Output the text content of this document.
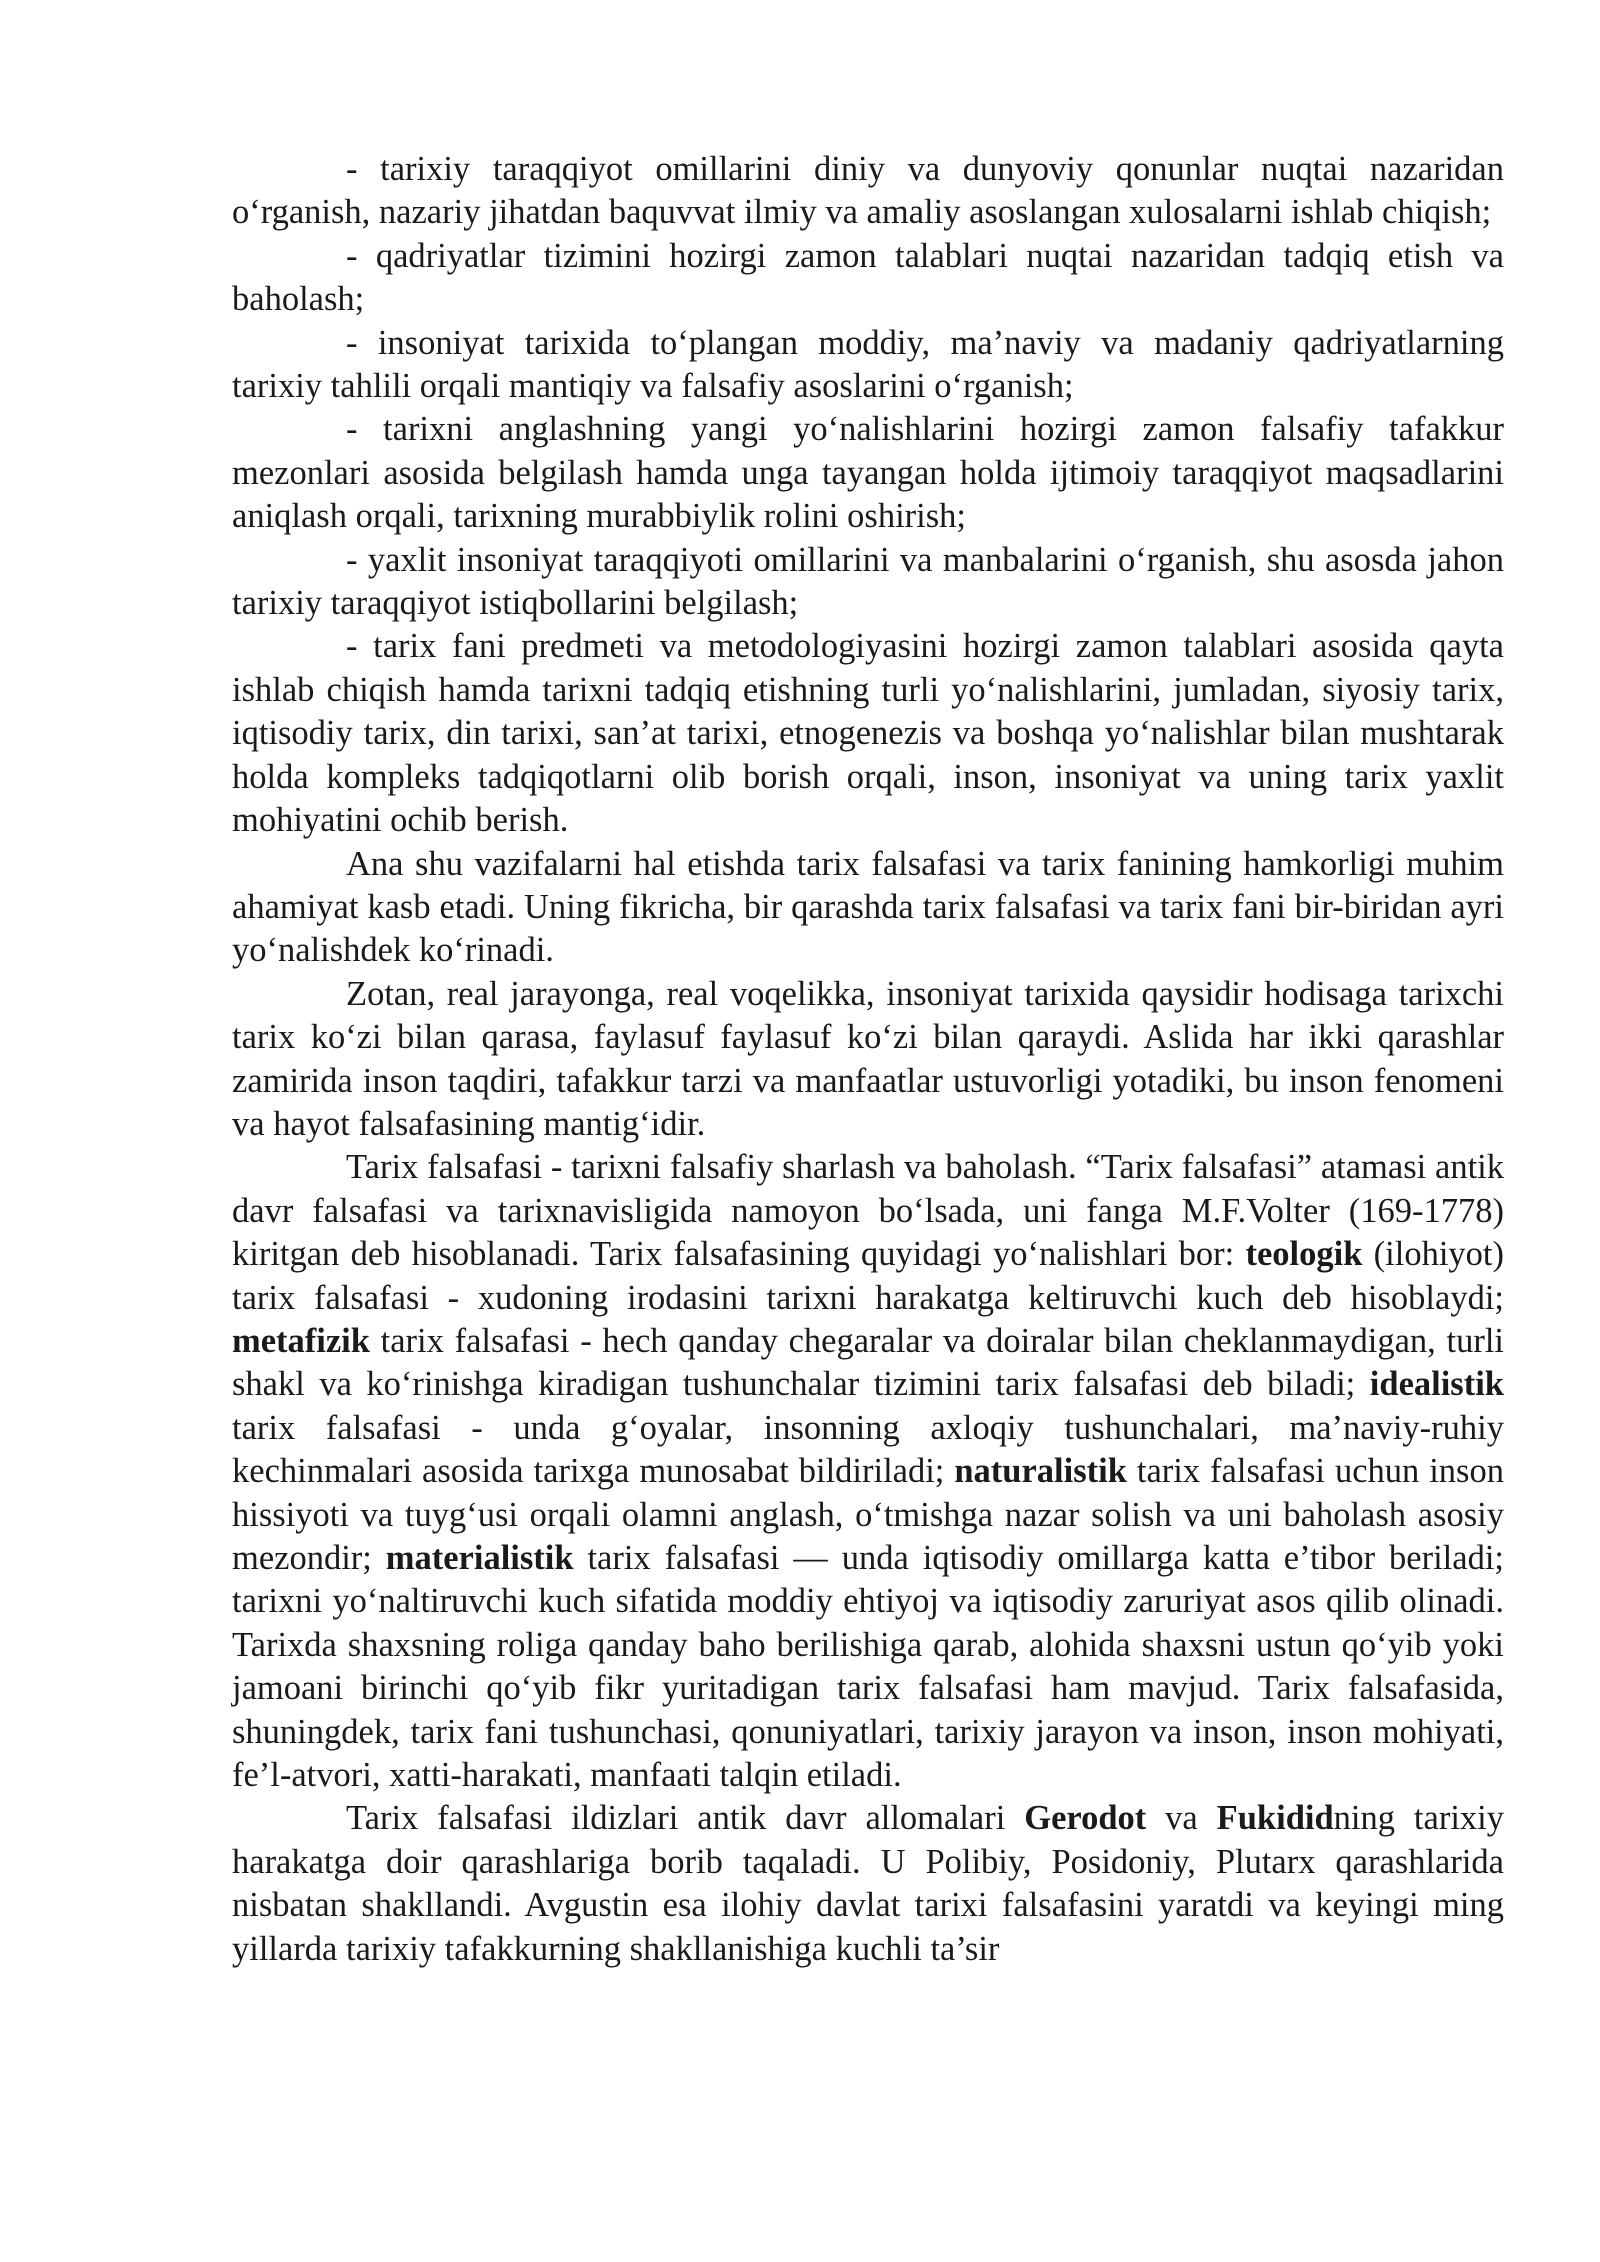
- tarixiy taraqqiyot omillarini diniy va dunyoviy qonunlar nuqtai nazaridan o‘rganish, nazariy jihatdan baquvvat ilmiy va amaliy asoslangan xulosalarni ishlab chiqish;

- qadriyatlar tizimini hozirgi zamon talablari nuqtai nazaridan tadqiq etish va baholash;

- insoniyat tarixida to‘plangan moddiy, ma’naviy va madaniy qadriyatlarning tarixiy tahlili orqali mantiqiy va falsafiy asoslarini o‘rganish;

- tarixni anglashning yangi yo‘nalishlarini hozirgi zamon falsafiy tafakkur mezonlari asosida belgilash hamda unga tayangan holda ijtimoiy taraqqiyot maqsadlarini aniqlash orqali, tarixning murabbiylik rolini oshirish;

- yaxlit insoniyat taraqqiyoti omillarini va manbalarini o‘rganish, shu asosda jahon tarixiy taraqqiyot istiqbollarini belgilash;

- tarix fani predmeti va metodologiyasini hozirgi zamon talablari asosida qayta ishlab chiqish hamda tarixni tadqiq etishning turli yo‘nalishlarini, jumladan, siyosiy tarix, iqtisodiy tarix, din tarixi, san’at tarixi, etnogenezis va boshqa yo‘nalishlar bilan mushtarak holda kompleks tadqiqotlarni olib borish orqali, inson, insoniyat va uning tarix yaxlit mohiyatini ochib berish.

Ana shu vazifalarni hal etishda tarix falsafasi va tarix fanining hamkorligi muhim ahamiyat kasb etadi. Uning fikricha, bir qarashda tarix falsafasi va tarix fani bir-biridan ayri yo‘nalishdek ko‘rinadi.

Zotan, real jarayonga, real voqelikka, insoniyat tarixida qaysidir hodisaga tarixchi tarix ko‘zi bilan qarasa, faylasuf faylasuf ko‘zi bilan qaraydi. Aslida har ikki qarashlar zamirida inson taqdiri, tafakkur tarzi va manfaatlar ustuvorligi yotadiki, bu inson fenomeni va hayot falsafasining mantig‘idir.

Tarix falsafasi - tarixni falsafiy sharlash va baholash. “Tarix falsafasi” atamasi antik davr falsafasi va tarixnavisligida namoyon bo‘lsada, uni fanga M.F.Volter (169-1778) kiritgan deb hisoblanadi. Tarix falsafasining quyidagi yo‘nalishlari bor: teologik (ilohiyot) tarix falsafasi - xudoning irodasini tarixni harakatga keltiruvchi kuch deb hisoblaydi; metafizik tarix falsafasi - hech qanday chegaralar va doiralar bilan cheklanmaydigan, turli shakl va ko‘rinishga kiradigan tushunchalar tizimini tarix falsafasi deb biladi; idealistik tarix falsafasi - unda g‘oyalar, insonning axloqiy tushunchalari, ma’naviy-ruhiy kechinmalari asosida tarixga munosabat bildiriladi; naturalistik tarix falsafasi uchun inson hissiyoti va tuyg‘usi orqali olamni anglash, o‘tmishga nazar solish va uni baholash asosiy mezondir; materialistik tarix falsafasi — unda iqtisodiy omillarga katta e’tibor beriladi; tarixni yo‘naltiruvchi kuch sifatida moddiy ehtiyoj va iqtisodiy zaruriyat asos qilib olinadi. Tarixda shaxsning roliga qanday baho berilishiga qarab, alohida shaxsni ustun qo‘yib yoki jamoani birinchi qo‘yib fikr yuritadigan tarix falsafasi ham mavjud. Tarix falsafasida, shuningdek, tarix fani tushunchasi, qonuniyatlari, tarixiy jarayon va inson, inson mohiyati, fe’l-atvori, xatti-harakati, manfaati talqin etiladi.

Tarix falsafasi ildizlari antik davr allomalari Gerodot va Fukididning tarixiy harakatga doir qarashlariga borib taqaladi. U Polibiy, Posidoniy, Plutarx qarashlarida nisbatan shakllandi. Avgustin esa ilohiy davlat tarixi falsafasini yaratdi va keyingi ming yillarda tarixiy tafakkurning shakllanishiga kuchli ta’sir
